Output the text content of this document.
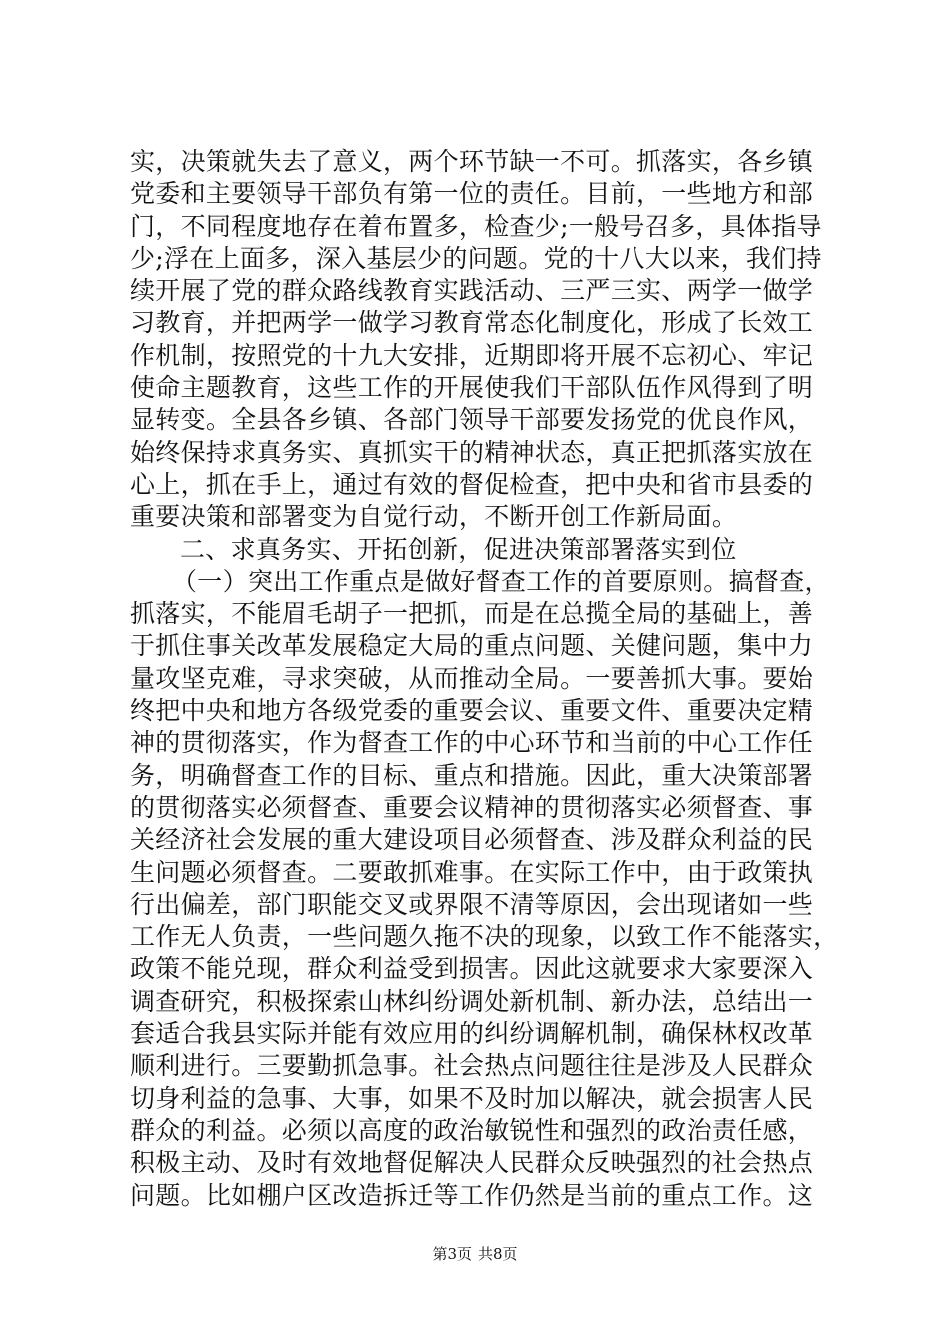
实，决策就失去了意义，两个环节缺一不可。抓落实，各乡镇
党委和主要领导干部负有第一位的责任。目前，一些地方和部
门，不同程度地存在着布置多，检查少;一般号召多，具体指导
少;浮在上面多，深入基层少的问题。党的十八大以来，我们持
续开展了党的群众路线教育实践活动、三严三实、两学一做学
习教育，并把两学一做学习教育常态化制度化，形成了长效工
作机制，按照党的十九大安排，近期即将开展不忘初心、牢记
使命主题教育，这些工作的开展使我们干部队伍作风得到了明
显转变。全县各乡镇、各部门领导干部要发扬党的优良作风，
始终保持求真务实、真抓实干的精神状态，真正把抓落实放在
心上，抓在手上，通过有效的督促检查，把中央和省市县委的
重要决策和部署变为自觉行动，不断开创工作新局面。
二、求真务实、开拓创新，促进决策部署落实到位
（一）突出工作重点是做好督查工作的首要原则。搞督查，
抓落实，不能眉毛胡子一把抓，而是在总揽全局的基础上，善
于抓住事关改革发展稳定大局的重点问题、关健问题，集中力
量攻坚克难，寻求突破，从而推动全局。一要善抓大事。要始
终把中央和地方各级党委的重要会议、重要文件、重要决定精
神的贯彻落实，作为督查工作的中心环节和当前的中心工作任
务，明确督查工作的目标、重点和措施。因此，重大决策部署
的贯彻落实必须督查、重要会议精神的贯彻落实必须督查、事
关经济社会发展的重大建设项目必须督查、涉及群众利益的民
生问题必须督查。二要敢抓难事。在实际工作中，由于政策执
行出偏差，部门职能交叉或界限不清等原因，会出现诸如一些
工作无人负责，一些问题久拖不决的现象，以致工作不能落实，
政策不能兑现，群众利益受到损害。因此这就要求大家要深入
调查研究，积极探索山林纠纷调处新机制、新办法，总结出一
套适合我县实际并能有效应用的纠纷调解机制，确保林权改革
顺利进行。三要勤抓急事。社会热点问题往往是涉及人民群众
切身利益的急事、大事，如果不及时加以解决，就会损害人民
群众的利益。必须以高度的政治敏锐性和强烈的政治责任感，
积极主动、及时有效地督促解决人民群众反映强烈的社会热点
问题。比如棚户区改造拆迁等工作仍然是当前的重点工作。这
第3页 共8页
